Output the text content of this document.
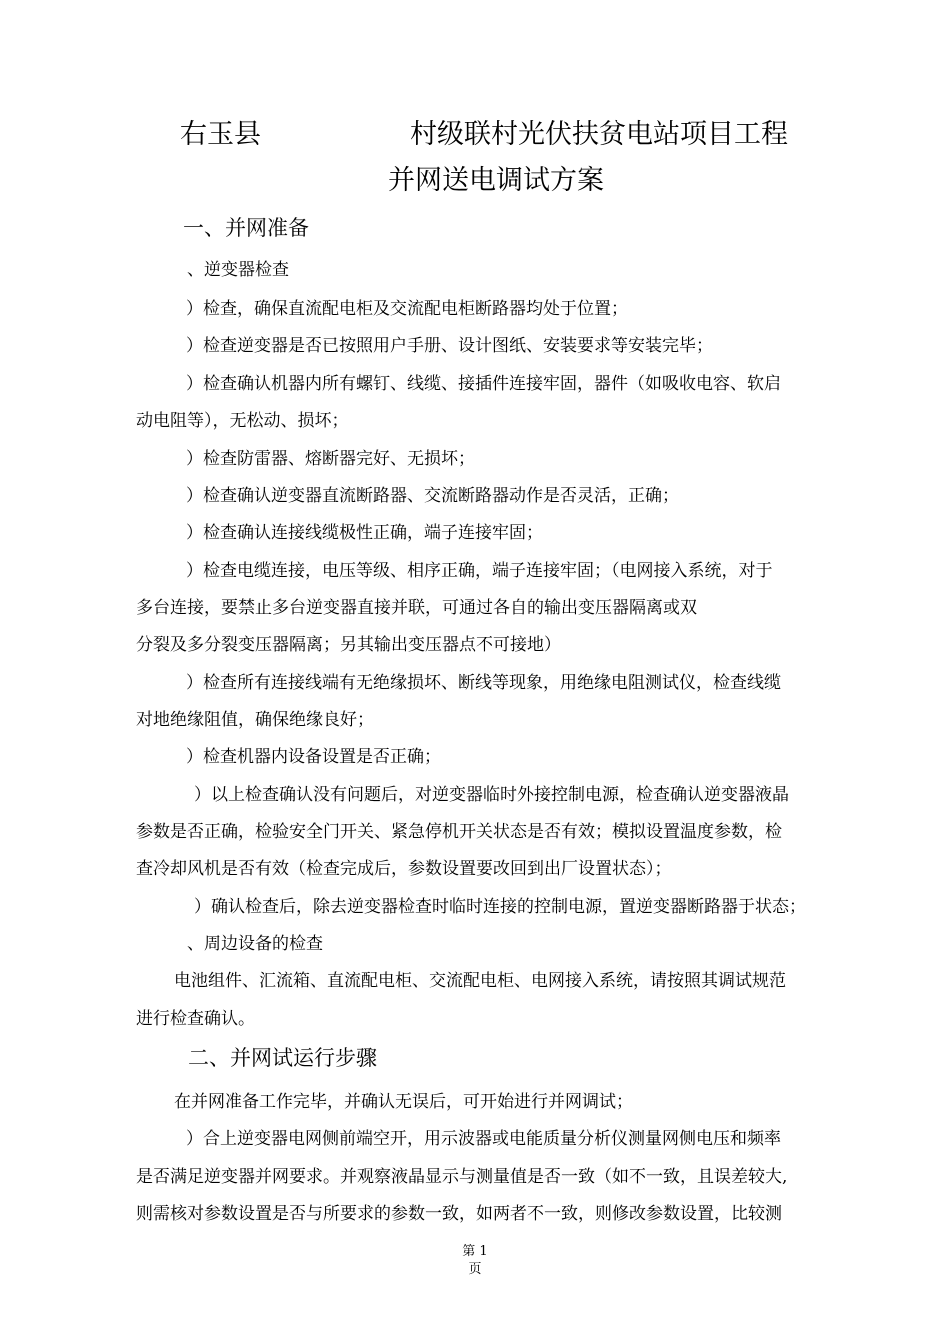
右玉县	村级联村光伏扶贫电站项目工程
并网送电调试方案
一、并网准备
、逆变器检查
）检查，确保直流配电柜及交流配电柜断路器均处于位置；
）检查逆变器是否已按照用户手册、设计图纸、安装要求等安装完毕；
）检查确认机器内所有螺钉、线缆、接插件连接牢固，器件（如吸收电容、软启
动电阻等），无松动、损坏；
）检查防雷器、熔断器完好、无损坏；
）检查确认逆变器直流断路器、交流断路器动作是否灵活，正确；
）检查确认连接线缆极性正确，端子连接牢固；
）检查电缆连接，电压等级、相序正确，端子连接牢固；（电网接入系统，对于
多台连接，要禁止多台逆变器直接并联，可通过各自的输出变压器隔离或双
分裂及多分裂变压器隔离；另其输出变压器点不可接地）
）检查所有连接线端有无绝缘损坏、断线等现象，用绝缘电阻测试仪，检查线缆
对地绝缘阻值，确保绝缘良好；
）检查机器内设备设置是否正确；
）以上检查确认没有问题后，对逆变器临时外接控制电源，检查确认逆变器液晶
参数是否正确，检验安全门开关、紧急停机开关状态是否有效；模拟设置温度参数，检
查冷却风机是否有效（检查完成后，参数设置要改回到出厂设置状态）；
）确认检查后，除去逆变器检查时临时连接的控制电源，置逆变器断路器于状态；
、周边设备的检查
电池组件、汇流箱、直流配电柜、交流配电柜、电网接入系统，请按照其调试规范
进行检查确认。
二、并网试运行步骤
在并网准备工作完毕，并确认无误后，可开始进行并网调试；
）合上逆变器电网侧前端空开，用示波器或电能质量分析仪测量网侧电压和频率
是否满足逆变器并网要求。并观察液晶显示与测量值是否一致（如不一致，且误差较大,
则需核对参数设置是否与所要求的参数一致，如两者不一致，则修改参数设置，比较测
第 1
页
